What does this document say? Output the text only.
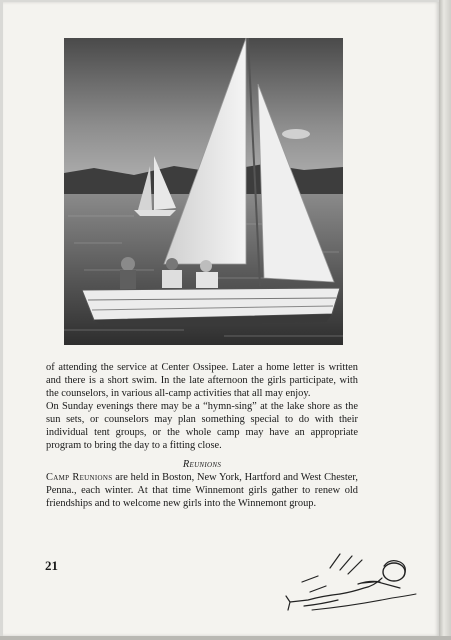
of attending the service at Center Ossipee. Later a home letter is written and there is a short swim. In the late afternoon the girls participate, with the counselors, in various all-camp activities that all may enjoy.

On Sunday evenings there may be a “hymn-sing” at the lake shore as the sun sets, or counselors may plan something special to do with their individual tent groups, or the whole camp may have an appropriate program to bring the day to a fitting close.

Reunions

Camp Reunions are held in Boston, New York, Hartford and West Chester, Penna., each winter. At that time Winnemont girls gather to renew old friendships and to welcome new girls into the Winnemont group.

21
